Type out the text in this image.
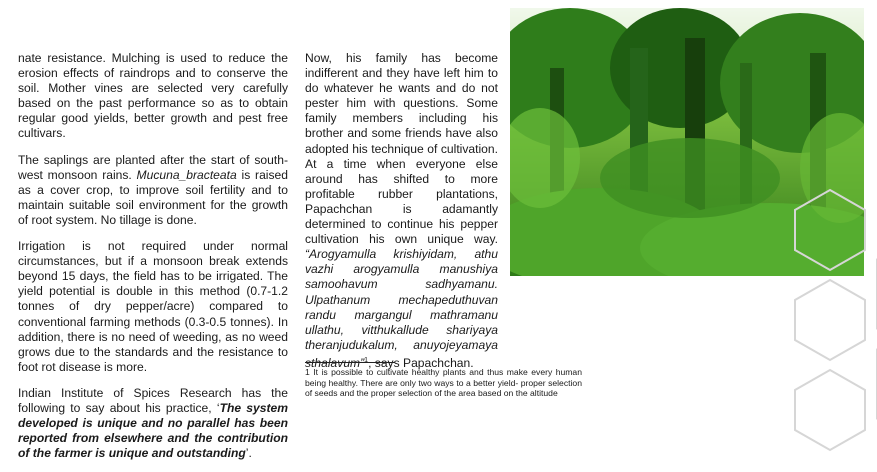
nate resistance. Mulching is used to reduce the erosion effects of raindrops and to conserve the soil. Mother vines are selected very carefully based on the past performance so as to obtain regular good yields, better growth and pest free cultivars.

The saplings are planted after the start of south-west monsoon rains. Mucuna_bracteata is raised as a cover crop, to improve soil fertility and to maintain suitable soil environment for the growth of root system. No tillage is done.

Irrigation is not required under normal circumstances, but if a monsoon break extends beyond 15 days, the field has to be irrigated. The yield potential is double in this method (0.7-1.2 tonnes of dry pepper/acre) compared to conventional farming methods (0.3-0.5 tonnes). In addition, there is no need of weeding, as no weed grows due to the standards and the resistance to foot rot disease is more.

Indian Institute of Spices Research has the following to say about his practice, ‘The system developed is unique and no parallel has been reported from elsewhere and the contribution of the farmer is unique and outstanding’.

Now, his family has become indifferent and they have left him to do whatever he wants and do not pester him with questions. Some family members including his brother and some friends have also adopted his technique of cultivation. At a time when everyone else around has shifted to more profitable rubber plantations, Papachchan is adamantly determined to continue his pepper cultivation his own unique way. “Arogyamulla krishiyidam, athu vazhi arogyamulla manushiya samoohavum sadhyamanu. Ulpathanum mechapeduthuvan randu margangul mathramanu ullathu, vitthukallude shariyaya theranjudukalum, anuyojeyamaya sthalavum”$^1$, says Papachchan.

1 It is possible to cultivate healthy plants and thus make every human being healthy. There are only two ways to a better yield- proper selection of seeds and the proper selection of the area based on the altitude
